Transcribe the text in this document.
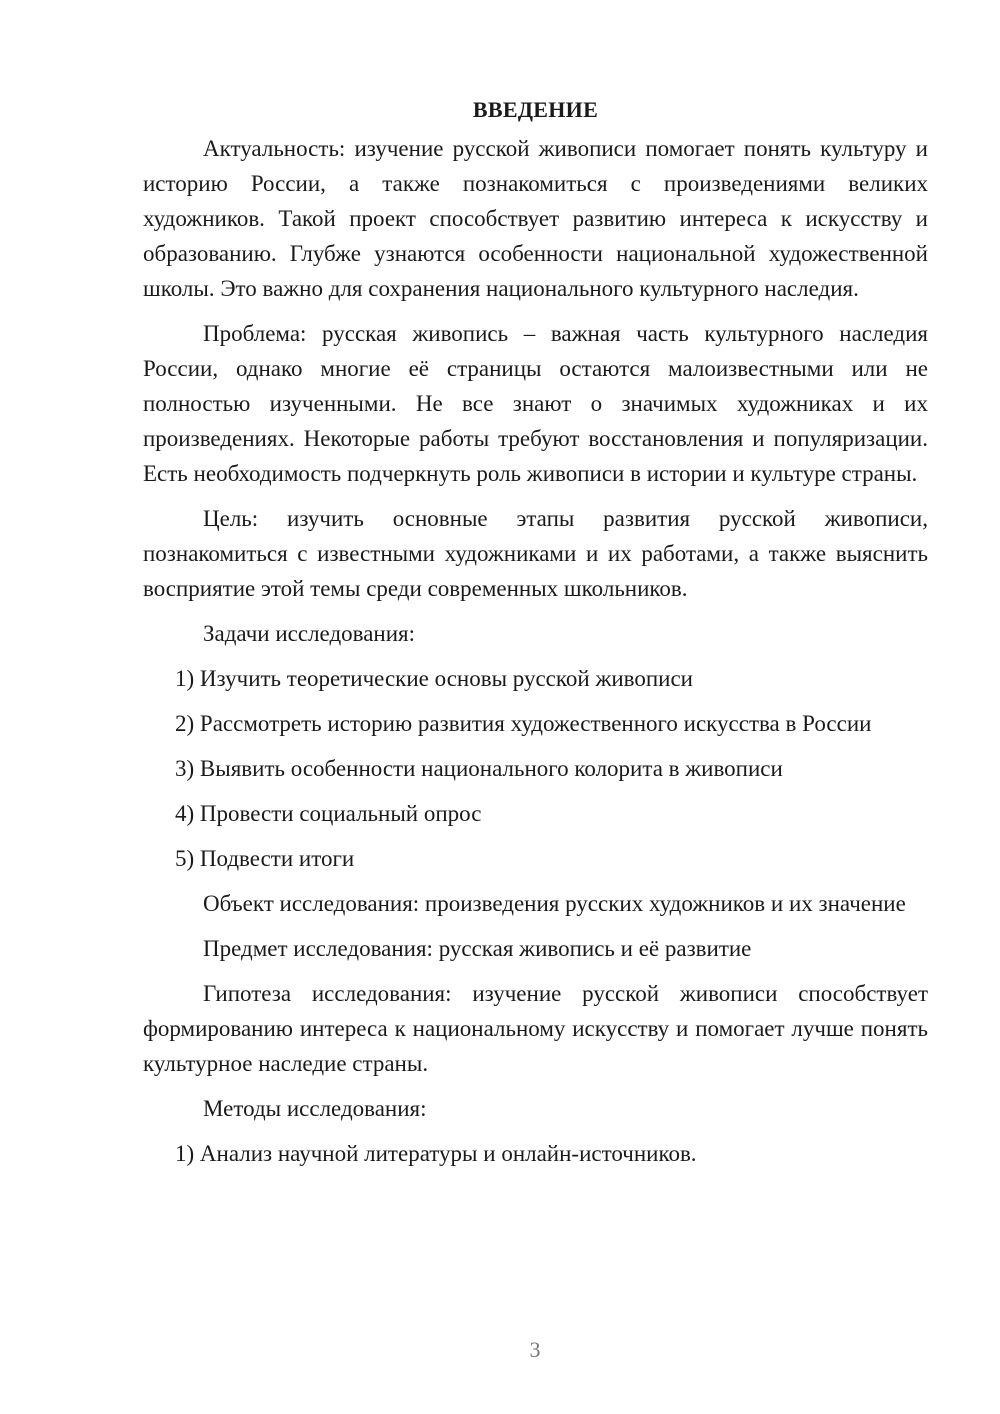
ВВЕДЕНИЕ

Актуальность: изучение русской живописи помогает понять культуру и историю России, а также познакомиться с произведениями великих художников. Такой проект способствует развитию интереса к искусству и образованию. Глубже узнаются особенности национальной художественной школы. Это важно для сохранения национального культурного наследия.

Проблема: русская живопись – важная часть культурного наследия России, однако многие её страницы остаются малоизвестными или не полностью изученными. Не все знают о значимых художниках и их произведениях. Некоторые работы требуют восстановления и популяризации. Есть необходимость подчеркнуть роль живописи в истории и культуре страны.

Цель: изучить основные этапы развития русской живописи, познакомиться с известными художниками и их работами, а также выяснить восприятие этой темы среди современных школьников.

Задачи исследования:

1) Изучить теоретические основы русской живописи
2) Рассмотреть историю развития художественного искусства в России
3) Выявить особенности национального колорита в живописи
4) Провести социальный опрос
5) Подвести итоги

Объект исследования: произведения русских художников и их значение

Предмет исследования: русская живопись и её развитие

Гипотеза исследования: изучение русской живописи способствует формированию интереса к национальному искусству и помогает лучше понять культурное наследие страны.

Методы исследования:

1) Анализ научной литературы и онлайн-источников.
3
